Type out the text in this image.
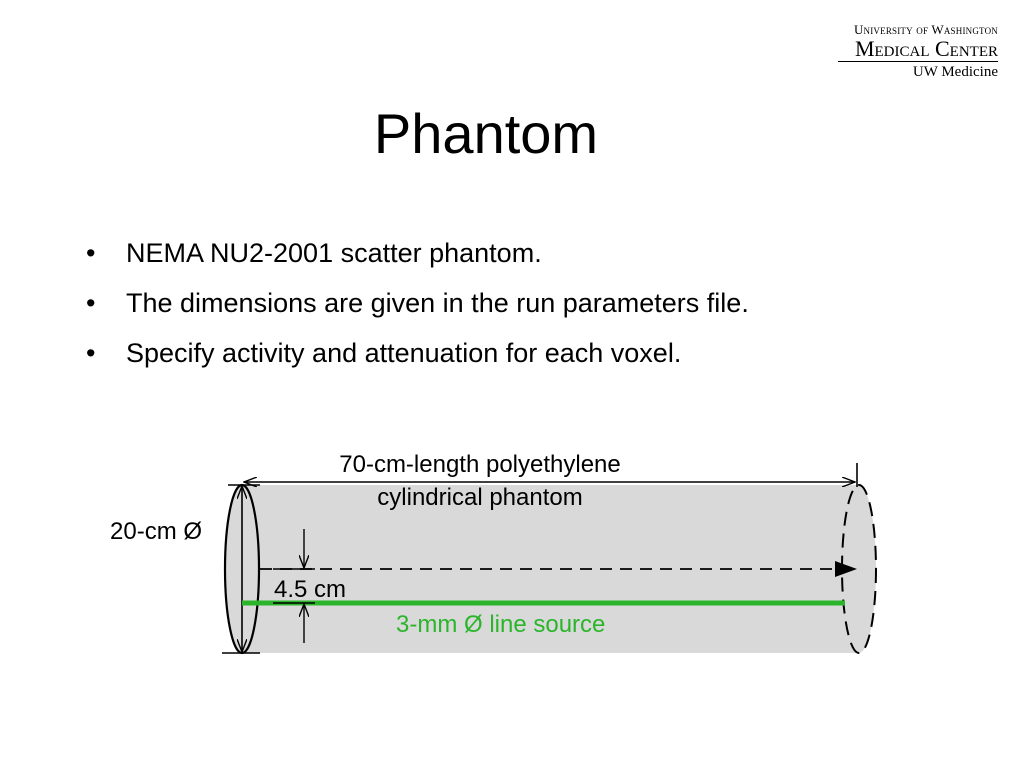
University of Washington
Medical Center
UW Medicine
Phantom
• NEMA NU2-2001 scatter phantom.
• The dimensions are given in the run parameters file.
• Specify activity and attenuation for each voxel.
70-cm-length polyethylene
cylindrical phantom
20-cm Ø
4.5 cm
3-mm Ø line source
